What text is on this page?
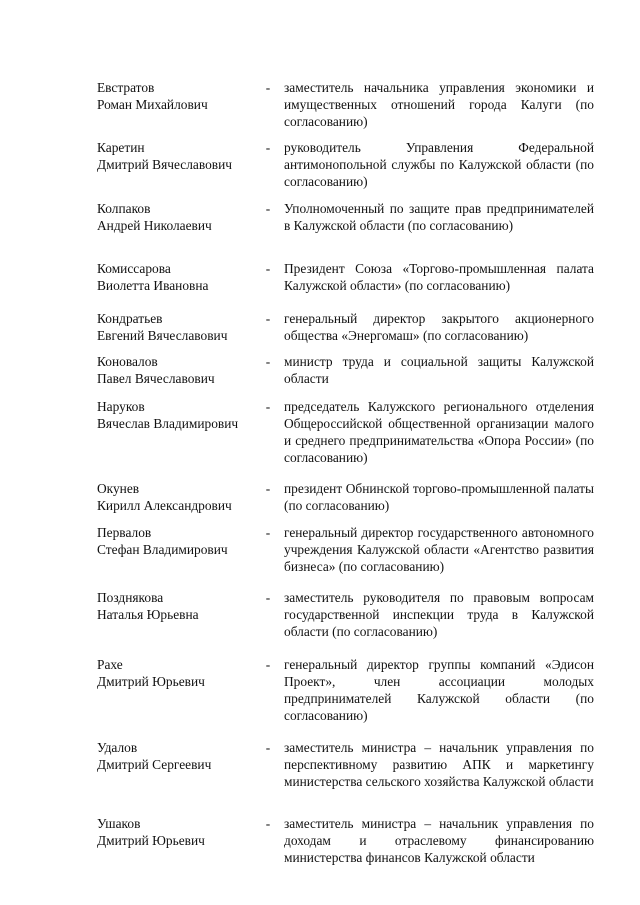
Евстратов
Роман Михайлович
- заместитель начальника управления экономики и имущественных отношений города Калуги (по согласованию)
Каретин
Дмитрий Вячеславович
- руководитель Управления Федеральной антимонопольной службы по Калужской области (по согласованию)
Колпаков
Андрей Николаевич
- Уполномоченный по защите прав предпринимателей в Калужской области (по согласованию)
Комиссарова
Виолетта Ивановна
- Президент Союза «Торгово-промышленная палата Калужской области» (по согласованию)
Кондратьев
Евгений Вячеславович
- генеральный директор закрытого акционерного общества «Энергомаш» (по согласованию)
Коновалов
Павел Вячеславович
- министр труда и социальной защиты Калужской области
Наруков
Вячеслав Владимирович
- председатель Калужского регионального отделения Общероссийской общественной организации малого и среднего предпринимательства «Опора России» (по согласованию)
Окунев
Кирилл Александрович
- президент Обнинской торгово-промышленной палаты (по согласованию)
Первалов
Стефан Владимирович
- генеральный директор государственного автономного учреждения Калужской области «Агентство развития бизнеса» (по согласованию)
Позднякова
Наталья Юрьевна
- заместитель руководителя по правовым вопросам государственной инспекции труда в Калужской области (по согласованию)
Рахе
Дмитрий Юрьевич
- генеральный директор группы компаний «Эдисон Проект», член ассоциации молодых предпринимателей Калужской области (по согласованию)
Удалов
Дмитрий Сергеевич
- заместитель министра – начальник управления по перспективному развитию АПК и маркетингу министерства сельского хозяйства Калужской области
Ушаков
Дмитрий Юрьевич
- заместитель министра – начальник управления по доходам и отраслевому финансированию министерства финансов Калужской области
